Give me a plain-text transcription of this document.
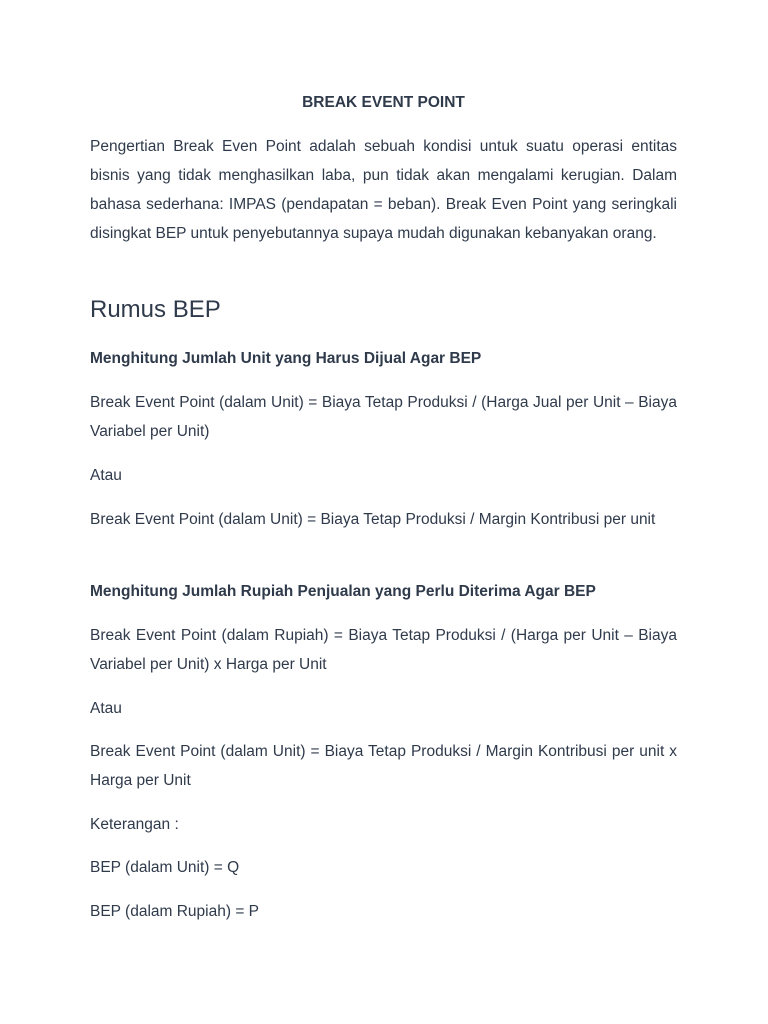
BREAK EVENT POINT

Pengertian Break Even Point adalah sebuah kondisi untuk suatu operasi entitas bisnis yang tidak menghasilkan laba, pun tidak akan mengalami kerugian. Dalam bahasa sederhana: IMPAS (pendapatan = beban). Break Even Point yang seringkali disingkat BEP untuk penyebutannya supaya mudah digunakan kebanyakan orang.

Rumus BEP

Menghitung Jumlah Unit yang Harus Dijual Agar BEP

Break Event Point (dalam Unit) = Biaya Tetap Produksi / (Harga Jual per Unit – Biaya Variabel per Unit)

Atau

Break Event Point (dalam Unit) = Biaya Tetap Produksi / Margin Kontribusi per unit

Menghitung Jumlah Rupiah Penjualan yang Perlu Diterima Agar BEP

Break Event Point (dalam Rupiah) = Biaya Tetap Produksi / (Harga per Unit – Biaya Variabel per Unit) x Harga per Unit

Atau

Break Event Point (dalam Unit) = Biaya Tetap Produksi / Margin Kontribusi per unit x Harga per Unit

Keterangan :

BEP (dalam Unit) = Q

BEP (dalam Rupiah) = P
